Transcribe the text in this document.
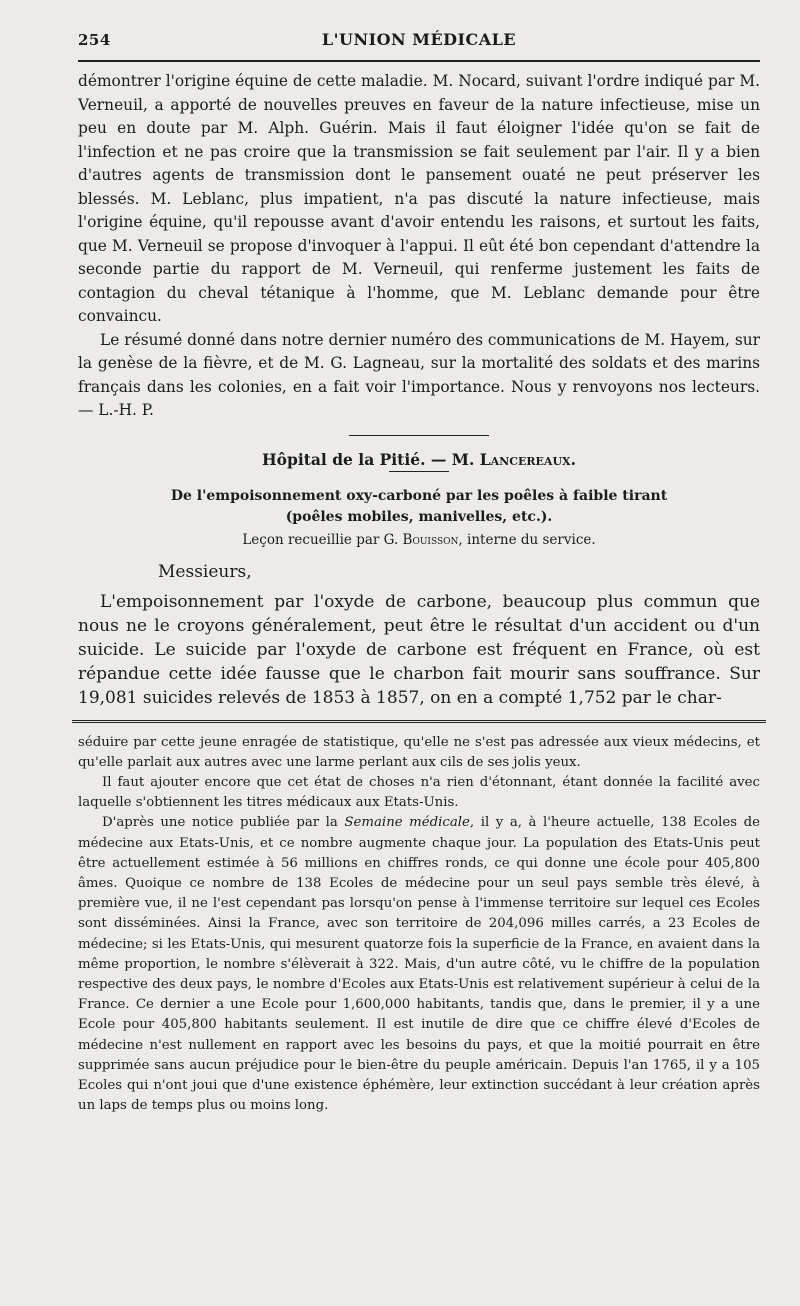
254	L'UNION MÉDICALE

démontrer l'origine équine de cette maladie. M. Nocard, suivant l'ordre indiqué par M. Verneuil, a apporté de nouvelles preuves en faveur de la nature infectieuse, mise un peu en doute par M. Alph. Guérin. Mais il faut éloigner l'idée qu'on se fait de l'infection et ne pas croire que la transmission se fait seulement par l'air. Il y a bien d'autres agents de transmission dont le pansement ouaté ne peut préserver les blessés. M. Leblanc, plus impatient, n'a pas discuté la nature infectieuse, mais l'origine équine, qu'il repousse avant d'avoir entendu les raisons, et surtout les faits, que M. Verneuil se propose d'invoquer à l'appui. Il eût été bon cependant d'attendre la seconde partie du rapport de M. Verneuil, qui renferme justement les faits de contagion du cheval tétanique à l'homme, que M. Leblanc demande pour être convaincu.

Le résumé donné dans notre dernier numéro des communications de M. Hayem, sur la genèse de la fièvre, et de M. G. Lagneau, sur la mortalité des soldats et des marins français dans les colonies, en a fait voir l'importance. Nous y renvoyons nos lecteurs. — L.-H. P.

Hôpital de la Pitié. — M. Lancereaux.
De l'empoisonnement oxy-carboné par les poêles à faible tirant
(poêles mobiles, manivelles, etc.).
Leçon recueillie par G. Bouisson, interne du service.
Messieurs,

L'empoisonnement par l'oxyde de carbone, beaucoup plus commun que nous ne le croyons généralement, peut être le résultat d'un accident ou d'un suicide. Le suicide par l'oxyde de carbone est fréquent en France, où est répandue cette idée fausse que le charbon fait mourir sans souffrance. Sur 19,081 suicides relevés de 1853 à 1857, on en a compté 1,752 par le char-

séduire par cette jeune enragée de statistique, qu'elle ne s'est pas adressée aux vieux médecins, et qu'elle parlait aux autres avec une larme perlant aux cils de ses jolis yeux.

Il faut ajouter encore que cet état de choses n'a rien d'étonnant, étant donnée la facilité avec laquelle s'obtiennent les titres médicaux aux Etats-Unis.

D'après une notice publiée par la Semaine médicale, il y a, à l'heure actuelle, 138 Ecoles de médecine aux Etats-Unis, et ce nombre augmente chaque jour. La population des Etats-Unis peut être actuellement estimée à 56 millions en chiffres ronds, ce qui donne une école pour 405,800 âmes. Quoique ce nombre de 138 Ecoles de médecine pour un seul pays semble très élevé, à première vue, il ne l'est cependant pas lorsqu'on pense à l'immense territoire sur lequel ces Ecoles sont disséminées. Ainsi la France, avec son territoire de 204,096 milles carrés, a 23 Ecoles de médecine; si les Etats-Unis, qui mesurent quatorze fois la superficie de la France, en avaient dans la même proportion, le nombre s'élèverait à 322. Mais, d'un autre côté, vu le chiffre de la population respective des deux pays, le nombre d'Ecoles aux Etats-Unis est relativement supérieur à celui de la France. Ce dernier a une Ecole pour 1,600,000 habitants, tandis que, dans le premier, il y a une Ecole pour 405,800 habitants seulement. Il est inutile de dire que ce chiffre élevé d'Ecoles de médecine n'est nullement en rapport avec les besoins du pays, et que la moitié pourrait en être supprimée sans aucun préjudice pour le bien-être du peuple américain. Depuis l'an 1765, il y a 105 Ecoles qui n'ont joui que d'une existence éphémère, leur extinction succédant à leur création après un laps de temps plus ou moins long.
